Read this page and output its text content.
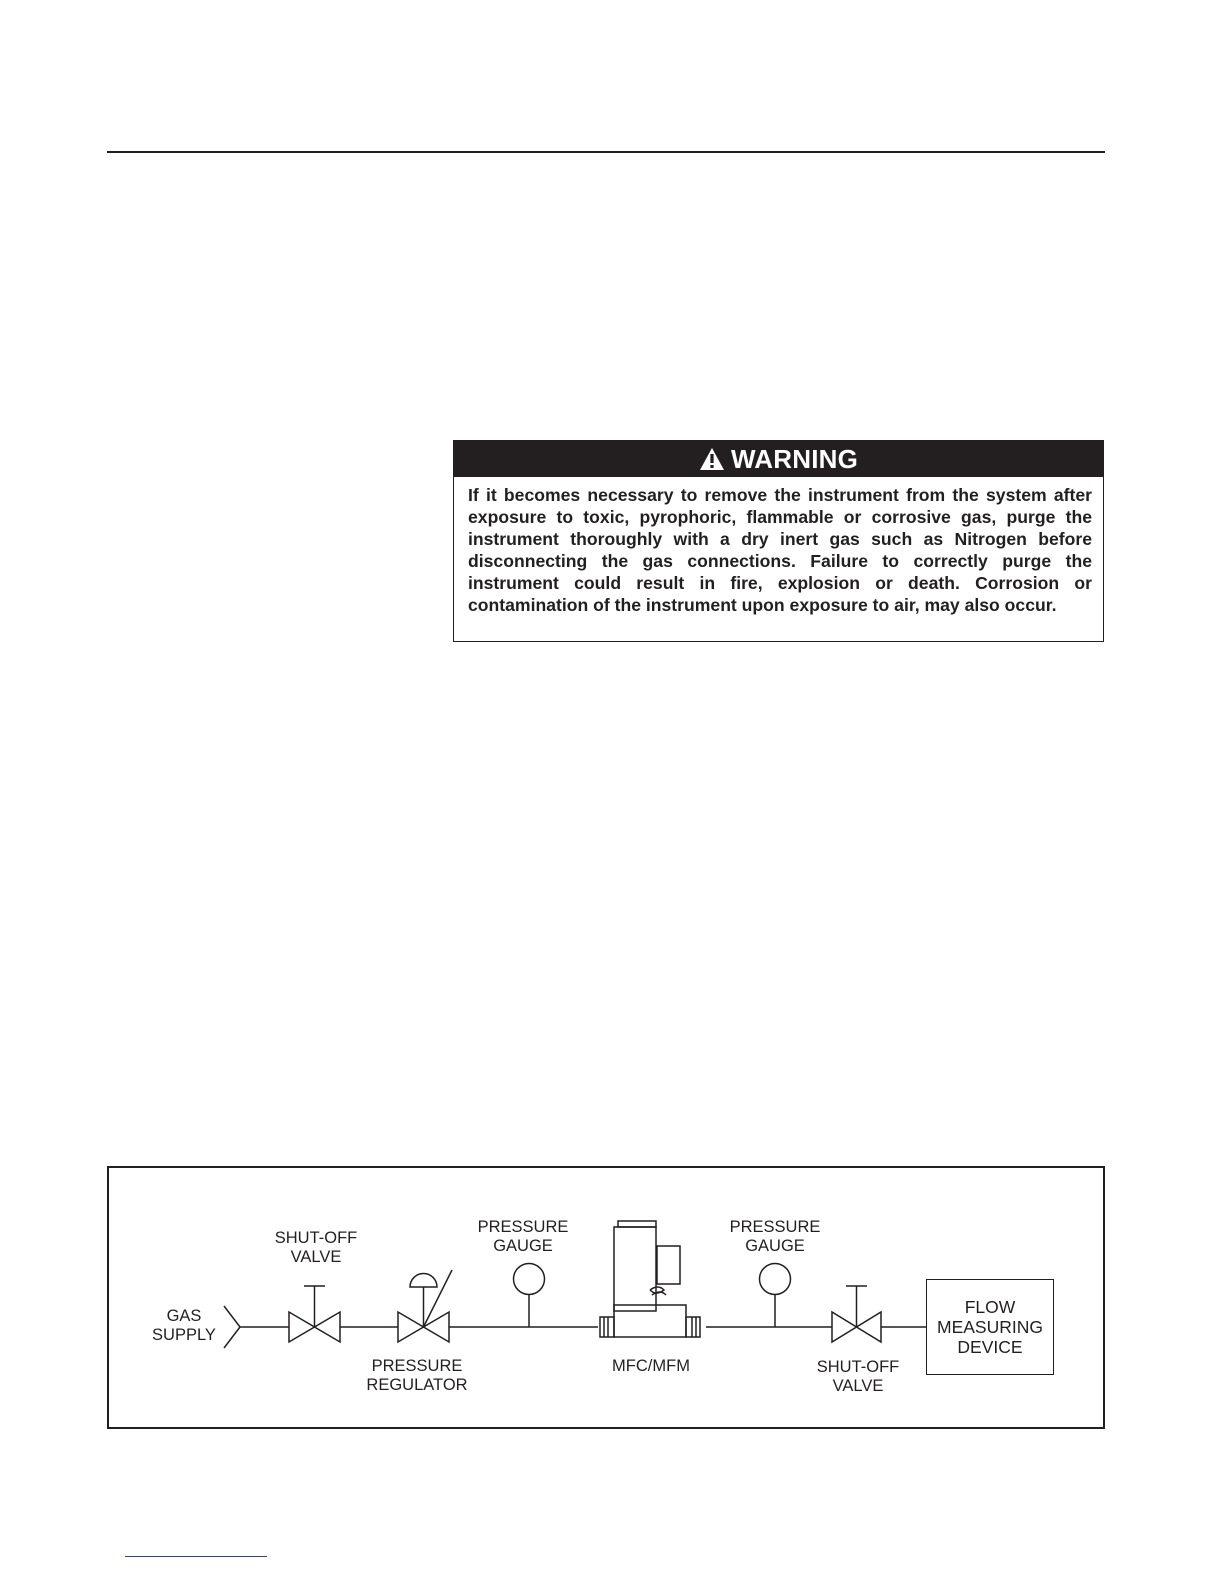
WARNING
If it becomes necessary to remove the instrument from the system after exposure to toxic, pyrophoric, flammable or corrosive gas, purge the instrument thoroughly with a dry inert gas such as Nitrogen before disconnecting the gas connections. Failure to correctly purge the instrument could result in fire, explosion or death. Corrosion or contamination of the instrument upon exposure to air, may also occur.
GAS
SUPPLY
SHUT-OFF
VALVE
PRESSURE
REGULATOR
PRESSURE
GAUGE
MFC/MFM
PRESSURE
GAUGE
SHUT-OFF
VALVE
FLOW
MEASURING
DEVICE
